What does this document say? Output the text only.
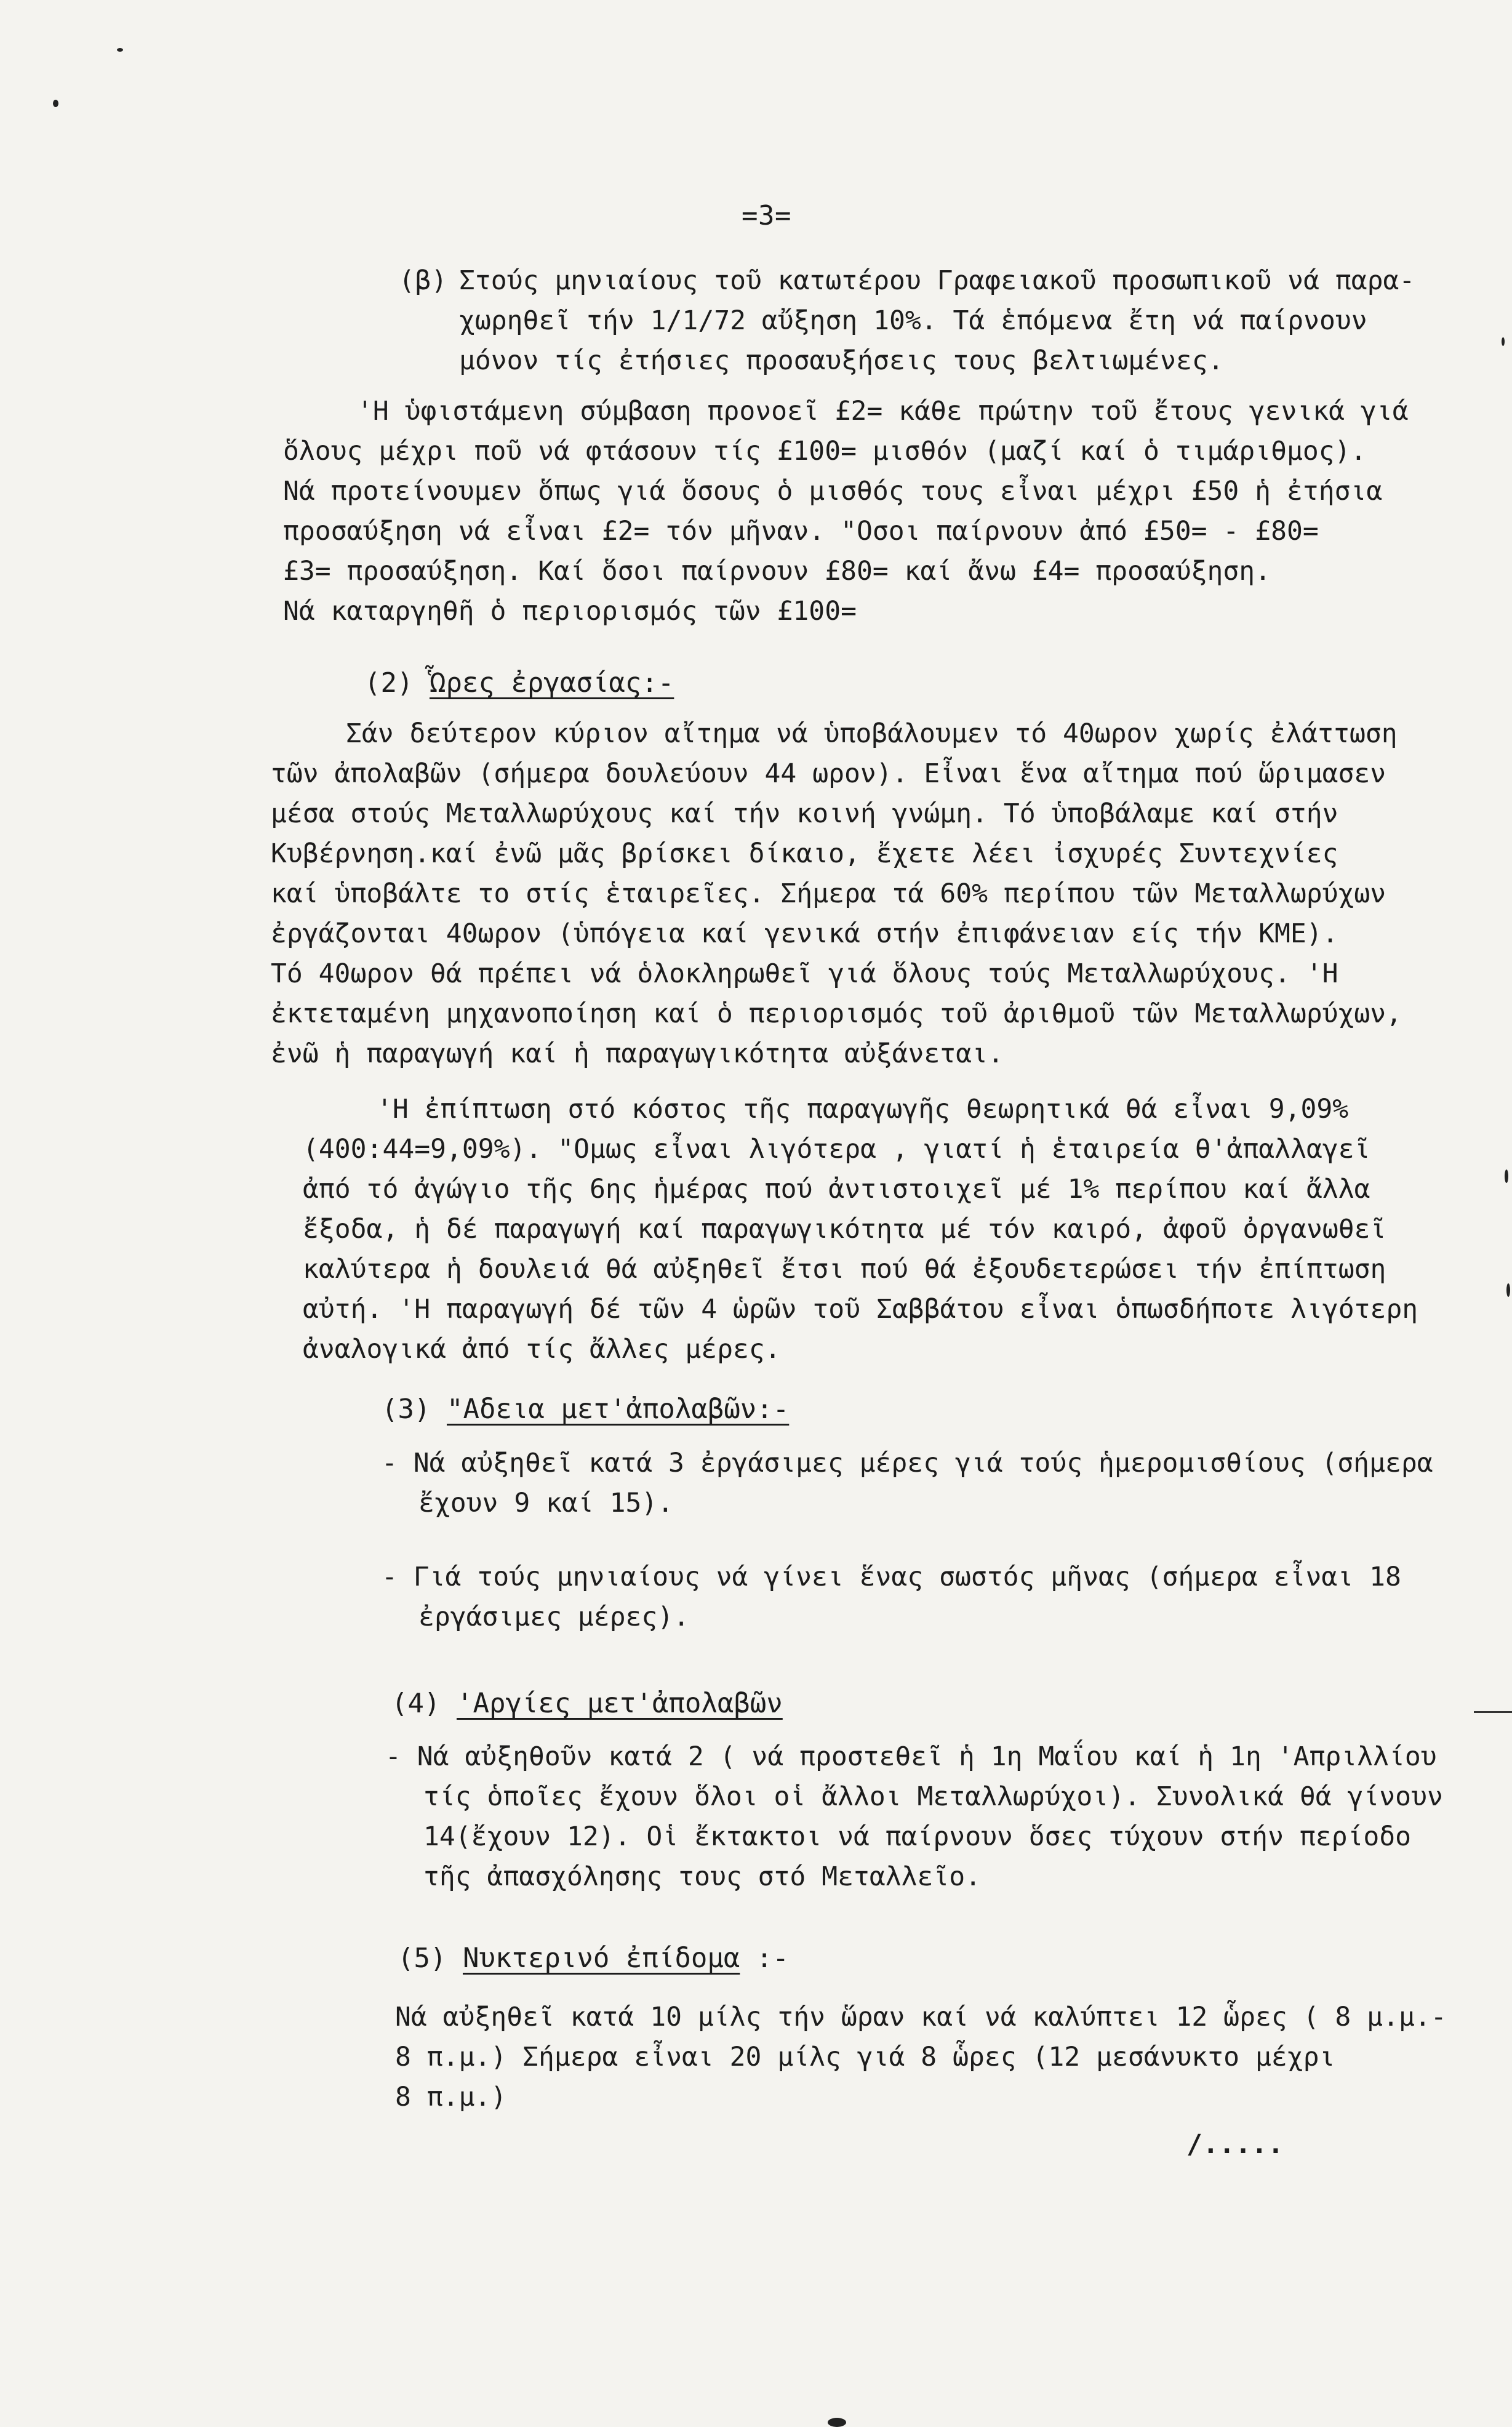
=3=
(β) Στούς μηνιαίους τοῦ κατωτέρου Γραφειακοῦ προσωπικοῦ νά παρα-
χωρηθεῖ τήν 1/1/72 αὔξηση 10%. Τά ἑπόμενα ἔτη νά παίρνουν
μόνον τίς ἐτήσιες προσαυξήσεις τους βελτιωμένες.
'Η ὑφιστάμενη σύμβαση προνοεῖ £2= κάθε πρώτην τοῦ ἔτους γενικά γιά
ὅλους μέχρι ποῦ νά φτάσουν τίς £100= μισθόν (μαζί καί ὁ τιμάριθμος).
Νά προτείνουμεν ὅπως γιά ὅσους ὁ μισθός τους εἶναι μέχρι £50 ἡ ἐτήσια
προσαύξηση νά εἶναι £2= τόν μῆναν. "Οσοι παίρνουν ἀπό £50= - £80=
£3= προσαύξηση. Καί ὅσοι παίρνουν £80= καί ἄνω £4= προσαύξηση.
Νά καταργηθῆ ὁ περιορισμός τῶν £100=
(2) Ὧρες ἐργασίας:-
Σάν δεύτερον κύριον αἴτημα νά ὑποβάλουμεν τό 40ωρον χωρίς ἐλάττωση
τῶν ἀπολαβῶν (σήμερα δουλεύουν 44 ωρον). Εἶναι ἕνα αἴτημα πού ὥριμασεν
μέσα στούς Μεταλλωρύχους καί τήν κοινή γνώμη. Τό ὑποβάλαμε καί στήν
Κυβέρνηση.καί ἐνῶ μᾶς βρίσκει δίκαιο, ἔχετε λέει ἰσχυρές Συντεχνίες
καί ὑποβάλτε το στίς ἑταιρεῖες. Σήμερα τά 60% περίπου τῶν Μεταλλωρύχων
ἐργάζονται 40ωρον (ὑπόγεια καί γενικά στήν ἐπιφάνειαν είς τήν ΚΜΕ).
Τό 40ωρον θά πρέπει νά ὁλοκληρωθεῖ γιά ὅλους τούς Μεταλλωρύχους. 'Η
ἐκτεταμένη μηχανοποίηση καί ὁ περιορισμός τοῦ ἀριθμοῦ τῶν Μεταλλωρύχων,
ἐνῶ ἡ παραγωγή καί ἡ παραγωγικότητα αὐξάνεται.
'Η ἐπίπτωση στό κόστος τῆς παραγωγῆς θεωρητικά θά εἶναι 9,09%
(400:44=9,09%). "Ομως εἶναι λιγότερα , γιατί ἡ ἑταιρεία θ'ἀπαλλαγεῖ
ἀπό τό ἀγώγιο τῆς 6ης ἡμέρας πού ἀντιστοιχεῖ μέ 1% περίπου καί ἄλλα
ἔξοδα, ἡ δέ παραγωγή καί παραγωγικότητα μέ τόν καιρό, ἀφοῦ ὀργανωθεῖ
καλύτερα ἡ δουλειά θά αὐξηθεῖ ἔτσι πού θά ἐξουδετερώσει τήν ἐπίπτωση
αὐτή. 'Η παραγωγή δέ τῶν 4 ὡρῶν τοῦ Σαββάτου εἶναι ὁπωσδήποτε λιγότερη
ἀναλογικά ἀπό τίς ἄλλες μέρες.
(3) "Αδεια μετ'ἀπολαβῶν:-
- Νά αὐξηθεῖ κατά 3 ἐργάσιμες μέρες γιά τούς ἡμερομισθίους (σήμερα
ἔχουν 9 καί 15).
- Γιά τούς μηνιαίους νά γίνει ἕνας σωστός μῆνας (σήμερα εἶναι 18
ἐργάσιμες μέρες).
(4) 'Αργίες μετ'ἀπολαβῶν
- Νά αὐξηθοῦν κατά 2 ( νά προστεθεῖ ἡ 1η Μαΐου καί ἡ 1η 'Απριλλίου
τίς ὁποῖες ἔχουν ὅλοι οἱ ἄλλοι Μεταλλωρύχοι). Συνολικά θά γίνουν
14(ἔχουν 12). Οἱ ἔκτακτοι νά παίρνουν ὅσες τύχουν στήν περίοδο
τῆς ἀπασχόλησης τους στό Μεταλλεῖο.
(5) Νυκτερινό ἐπίδομα :-
Νά αὐξηθεῖ κατά 10 μίλς τήν ὥραν καί νά καλύπτει 12 ὧρες ( 8 μ.μ.-
8 π.μ.) Σήμερα εἶναι 20 μίλς γιά 8 ὧρες (12 μεσάνυκτο μέχρι
8 π.μ.)
/.....
